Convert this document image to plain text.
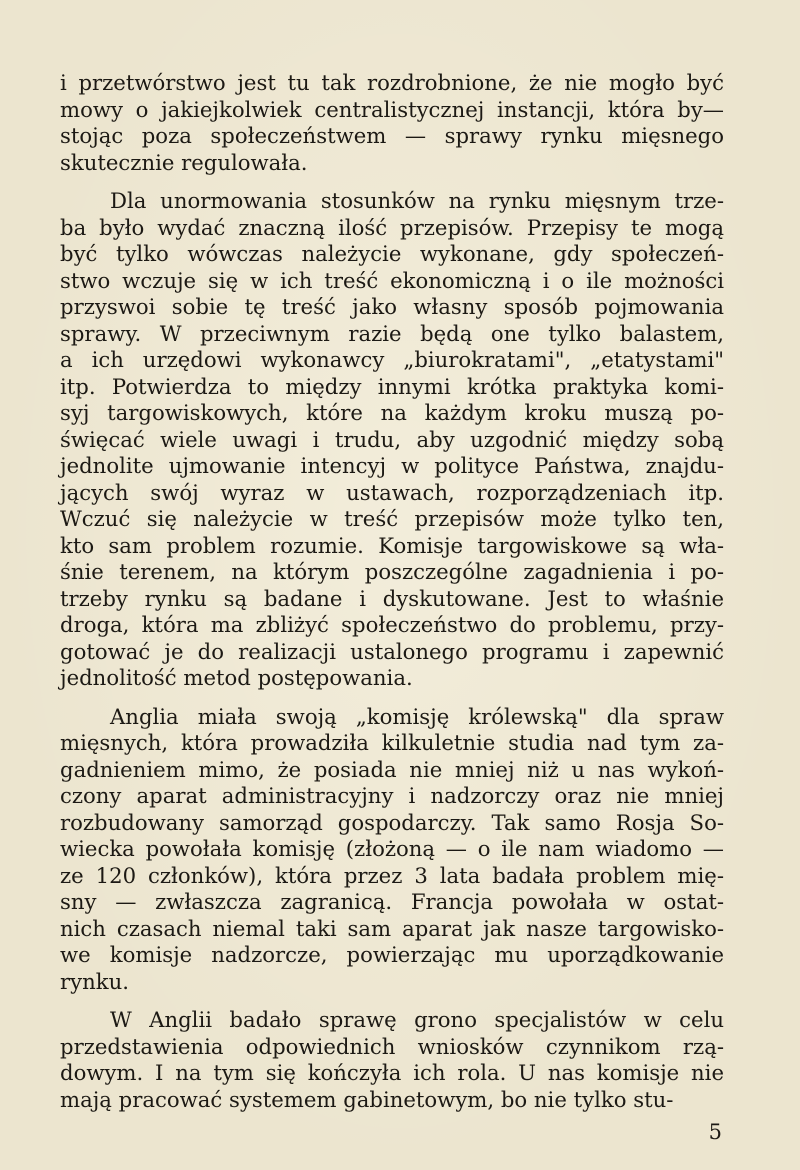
i przetwórstwo jest tu tak rozdrobnione, że nie mogło być
mowy o jakiejkolwiek centralistycznej instancji, która by—
stojąc poza społeczeństwem — sprawy rynku mięsnego
skutecznie regulowała.
Dla unormowania stosunków na rynku mięsnym trze-
ba było wydać znaczną ilość przepisów. Przepisy te mogą
być tylko wówczas należycie wykonane, gdy społeczeń-
stwo wczuje się w ich treść ekonomiczną i o ile możności
przyswoi sobie tę treść jako własny sposób pojmowania
sprawy. W przeciwnym razie będą one tylko balastem,
a ich urzędowi wykonawcy „biurokratami", „etatystami"
itp. Potwierdza to między innymi krótka praktyka komi-
syj targowiskowych, które na każdym kroku muszą po-
święcać wiele uwagi i trudu, aby uzgodnić między sobą
jednolite ujmowanie intencyj w polityce Państwa, znajdu-
jących swój wyraz w ustawach, rozporządzeniach itp.
Wczuć się należycie w treść przepisów może tylko ten,
kto sam problem rozumie. Komisje targowiskowe są wła-
śnie terenem, na którym poszczególne zagadnienia i po-
trzeby rynku są badane i dyskutowane. Jest to właśnie
droga, która ma zbliżyć społeczeństwo do problemu, przy-
gotować je do realizacji ustalonego programu i zapewnić
jednolitość metod postępowania.
Anglia miała swoją „komisję królewską" dla spraw
mięsnych, która prowadziła kilkuletnie studia nad tym za-
gadnieniem mimo, że posiada nie mniej niż u nas wykoń-
czony aparat administracyjny i nadzorczy oraz nie mniej
rozbudowany samorząd gospodarczy. Tak samo Rosja So-
wiecka powołała komisję (złożoną — o ile nam wiadomo —
ze 120 członków), która przez 3 lata badała problem mię-
sny — zwłaszcza zagranicą. Francja powołała w ostat-
nich czasach niemal taki sam aparat jak nasze targowisko-
we komisje nadzorcze, powierzając mu uporządkowanie
rynku.
W Anglii badało sprawę grono specjalistów w celu
przedstawienia odpowiednich wniosków czynnikom rzą-
dowym. I na tym się kończyła ich rola. U nas komisje nie
mają pracować systemem gabinetowym, bo nie tylko stu-
5
